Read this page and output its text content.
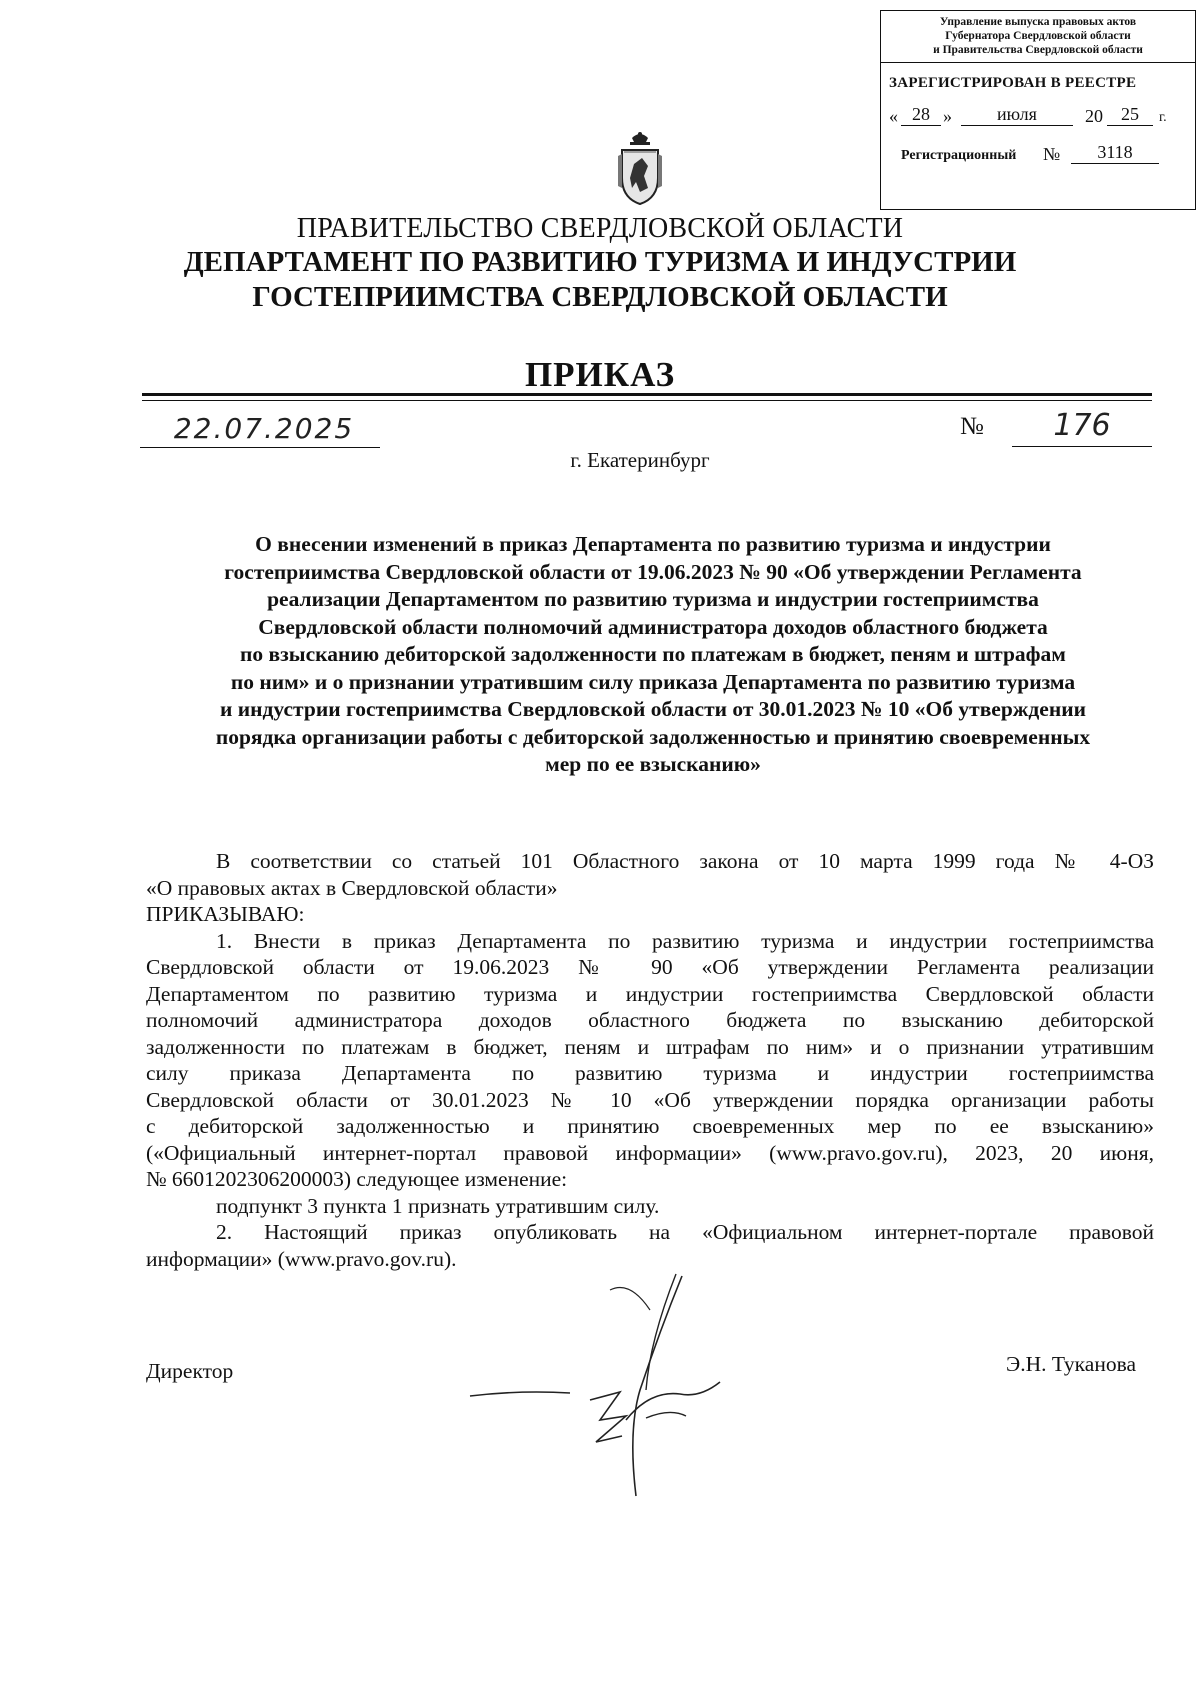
Управление выпуска правовых актов
Губернатора Свердловской области
и Правительства Свердловской области
ЗАРЕГИСТРИРОВАН В РЕЕСТРЕ
« 28 »	июля	20	25	г.
Регистрационный №	3118
ПРАВИТЕЛЬСТВО СВЕРДЛОВСКОЙ ОБЛАСТИ
ДЕПАРТАМЕНТ ПО РАЗВИТИЮ ТУРИЗМА И ИНДУСТРИИ
ГОСТЕПРИИМСТВА СВЕРДЛОВСКОЙ ОБЛАСТИ
ПРИКАЗ
22.07.2025	№	176
г. Екатеринбург
О внесении изменений в приказ Департамента по развитию туризма и индустрии
гостеприимства Свердловской области от 19.06.2023 № 90 «Об утверждении Регламента
реализации Департаментом по развитию туризма и индустрии гостеприимства
Свердловской области полномочий администратора доходов областного бюджета
по взысканию дебиторской задолженности по платежам в бюджет, пеням и штрафам
по ним» и о признании утратившим силу приказа Департамента по развитию туризма
и индустрии гостеприимства Свердловской области от 30.01.2023 № 10 «Об утверждении
порядка организации работы с дебиторской задолженностью и принятию своевременных
мер по ее взысканию»
В соответствии со статьей 101 Областного закона от 10 марта 1999 года № 4-ОЗ
«О правовых актах в Свердловской области»
ПРИКАЗЫВАЮ:
1. Внести в приказ Департамента по развитию туризма и индустрии гостеприимства
Свердловской области от 19.06.2023 № 90 «Об утверждении Регламента реализации
Департаментом по развитию туризма и индустрии гостеприимства Свердловской области
полномочий администратора доходов областного бюджета по взысканию дебиторской
задолженности по платежам в бюджет, пеням и штрафам по ним» и о признании утратившим
силу приказа Департамента по развитию туризма и индустрии гостеприимства
Свердловской области от 30.01.2023 № 10 «Об утверждении порядка организации работы
с дебиторской задолженностью и принятию своевременных мер по ее взысканию»
(«Официальный интернет-портал правовой информации» (www.pravo.gov.ru), 2023, 20 июня,
№ 6601202306200003) следующее изменение:
подпункт 3 пункта 1 признать утратившим силу.
2. Настоящий приказ опубликовать на «Официальном интернет-портале правовой
информации» (www.pravo.gov.ru).
Директор	Э.Н. Туканова
